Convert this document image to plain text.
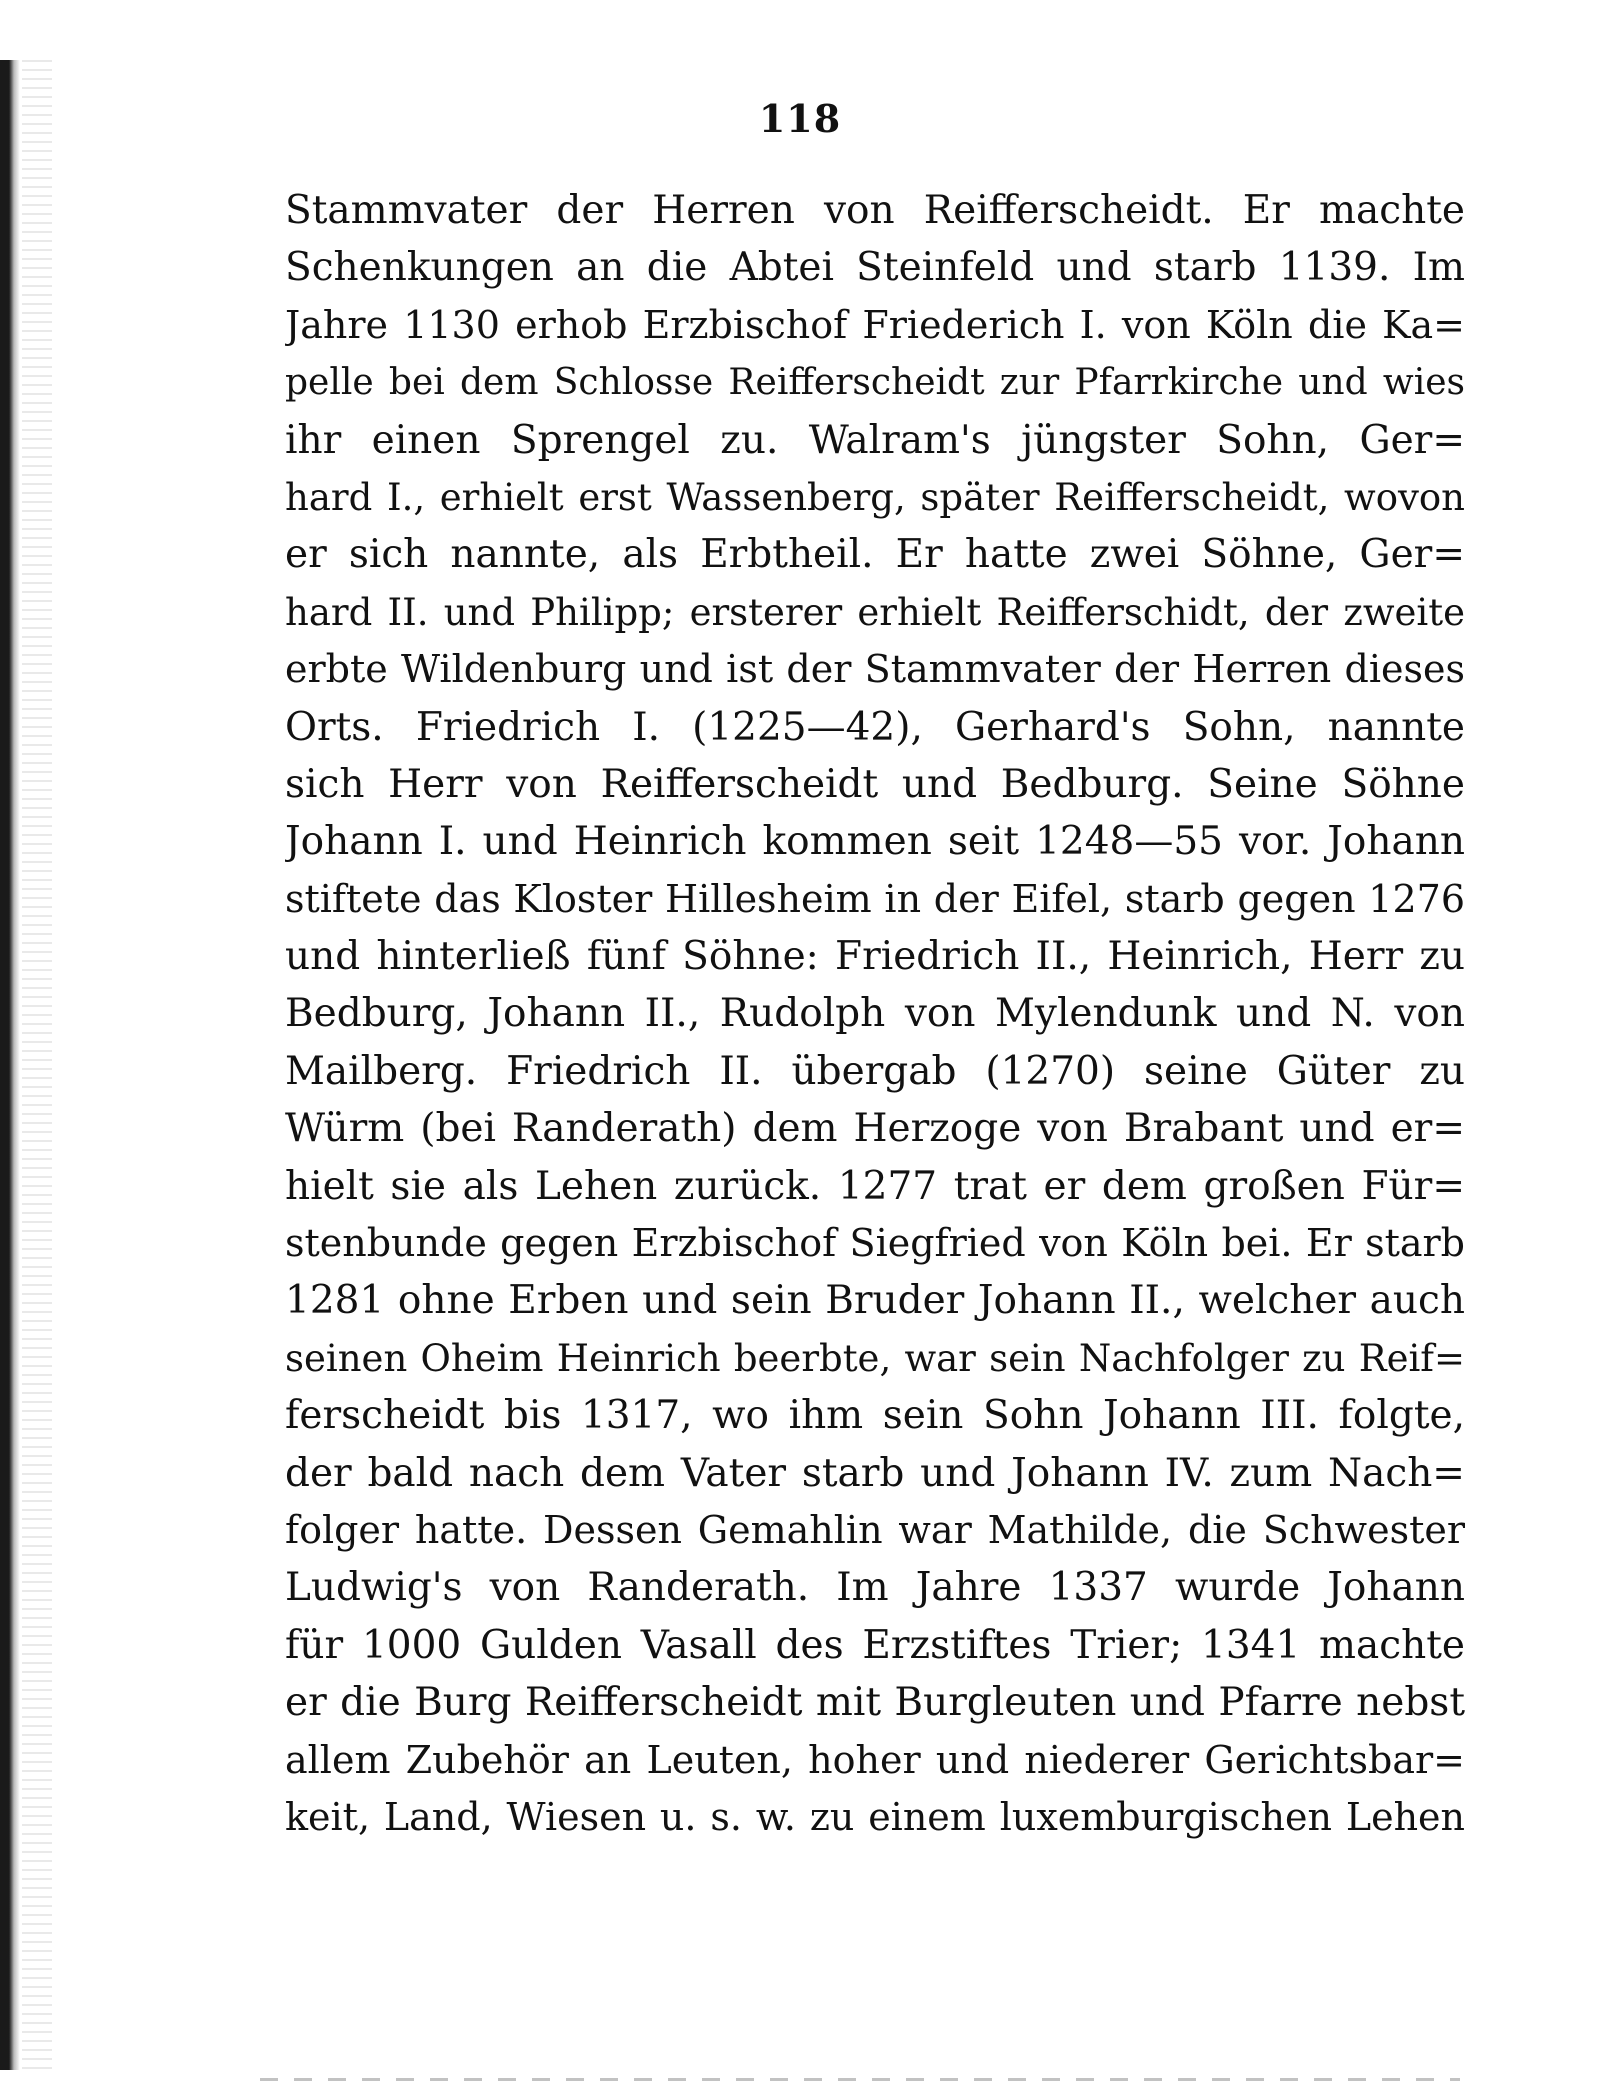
118
Stammvater der Herren von Reifferscheidt. Er machte
Schenkungen an die Abtei Steinfeld und starb 1139. Im
Jahre 1130 erhob Erzbischof Friederich I. von Köln die Ka=
pelle bei dem Schlosse Reifferscheidt zur Pfarrkirche und wies
ihr einen Sprengel zu. Walram's jüngster Sohn, Ger=
hard I., erhielt erst Wassenberg, später Reifferscheidt, wovon
er sich nannte, als Erbtheil. Er hatte zwei Söhne, Ger=
hard II. und Philipp; ersterer erhielt Reifferschidt, der zweite
erbte Wildenburg und ist der Stammvater der Herren dieses
Orts. Friedrich I. (1225—42), Gerhard's Sohn, nannte
sich Herr von Reifferscheidt und Bedburg. Seine Söhne
Johann I. und Heinrich kommen seit 1248—55 vor. Johann
stiftete das Kloster Hillesheim in der Eifel, starb gegen 1276
und hinterließ fünf Söhne: Friedrich II., Heinrich, Herr zu
Bedburg, Johann II., Rudolph von Mylendunk und N. von
Mailberg. Friedrich II. übergab (1270) seine Güter zu
Würm (bei Randerath) dem Herzoge von Brabant und er=
hielt sie als Lehen zurück. 1277 trat er dem großen Für=
stenbunde gegen Erzbischof Siegfried von Köln bei. Er starb
1281 ohne Erben und sein Bruder Johann II., welcher auch
seinen Oheim Heinrich beerbte, war sein Nachfolger zu Reif=
ferscheidt bis 1317, wo ihm sein Sohn Johann III. folgte,
der bald nach dem Vater starb und Johann IV. zum Nach=
folger hatte. Dessen Gemahlin war Mathilde, die Schwester
Ludwig's von Randerath. Im Jahre 1337 wurde Johann
für 1000 Gulden Vasall des Erzstiftes Trier; 1341 machte
er die Burg Reifferscheidt mit Burgleuten und Pfarre nebst
allem Zubehör an Leuten, hoher und niederer Gerichtsbar=
keit, Land, Wiesen u. s. w. zu einem luxemburgischen Lehen
